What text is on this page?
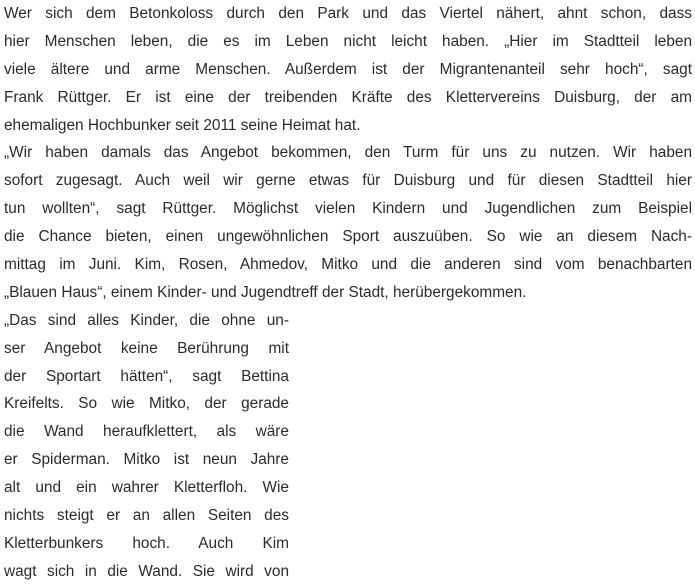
Wer sich dem Betonkoloss durch den Park und das Viertel nähert, ahnt schon, dass
hier Menschen leben, die es im Leben nicht leicht haben. „Hier im Stadtteil leben
viele ältere und arme Menschen. Außerdem ist der Migrantenanteil sehr hoch“, sagt
Frank Rüttger. Er ist eine der treibenden Kräfte des Klettervereins Duisburg, der am
ehemaligen Hochbunker seit 2011 seine Heimat hat.
„Wir haben damals das Angebot bekommen, den Turm für uns zu nutzen. Wir haben
sofort zugesagt. Auch weil wir gerne etwas für Duisburg und für diesen Stadtteil hier
tun wollten“, sagt Rüttger. Möglichst vielen Kindern und Jugendlichen zum Beispiel
die Chance bieten, einen ungewöhnlichen Sport auszuüben. So wie an diesem Nach-
mittag im Juni. Kim, Rosen, Ahmedov, Mitko und die anderen sind vom benachbarten
„Blauen Haus“, einem Kinder- und Jugendtreff der Stadt, herübergekommen.
„Das sind alles Kinder, die ohne un-
ser Angebot keine Berührung mit
der Sportart hätten“, sagt Bettina
Kreifelts. So wie Mitko, der gerade
die Wand heraufklettert, als wäre
er Spiderman. Mitko ist neun Jahre
alt und ein wahrer Kletterfloh. Wie
nichts steigt er an allen Seiten des
Kletterbunkers hoch. Auch Kim
wagt sich in die Wand. Sie wird von
